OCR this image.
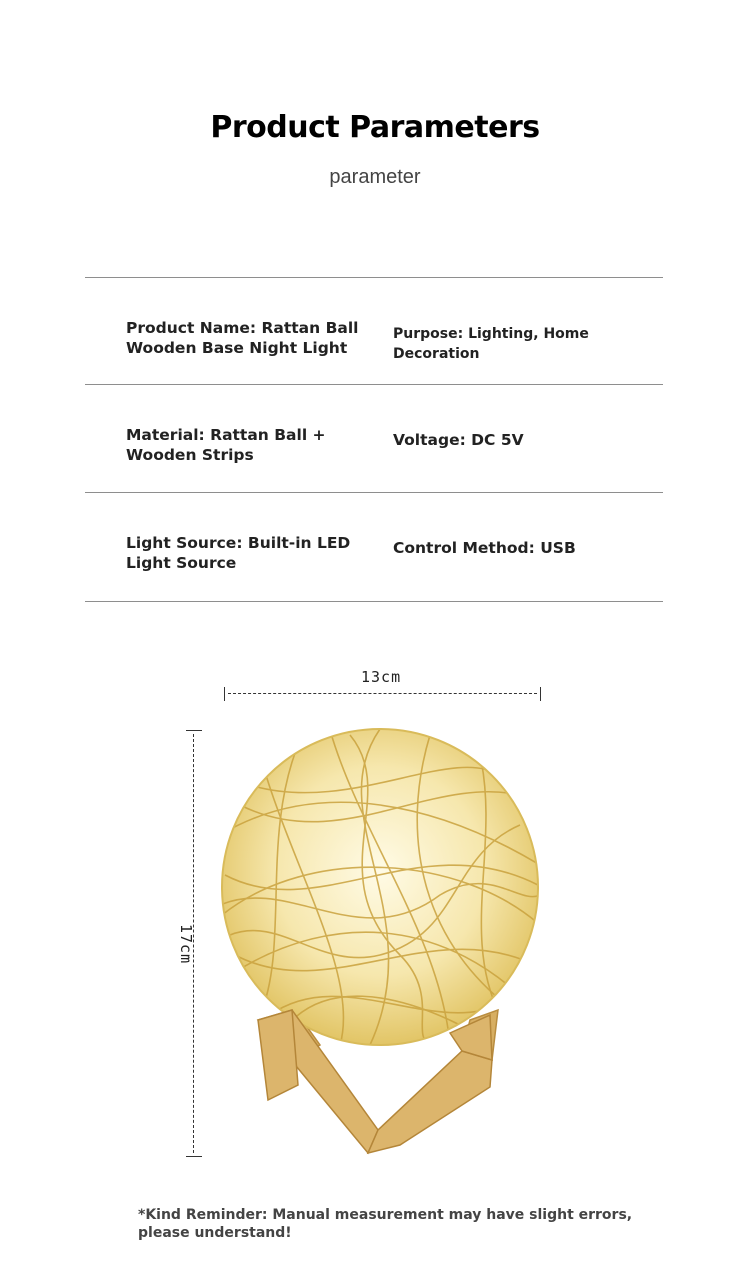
Product Parameters
parameter
Product Name: Rattan Ball Wooden Base Night Light
Purpose: Lighting, Home Decoration
Material: Rattan Ball + Wooden Strips
Voltage: DC 5V
Light Source: Built-in LED Light Source
Control Method: USB
13cm
17cm
*Kind Reminder: Manual measurement may have slight errors, please understand!
